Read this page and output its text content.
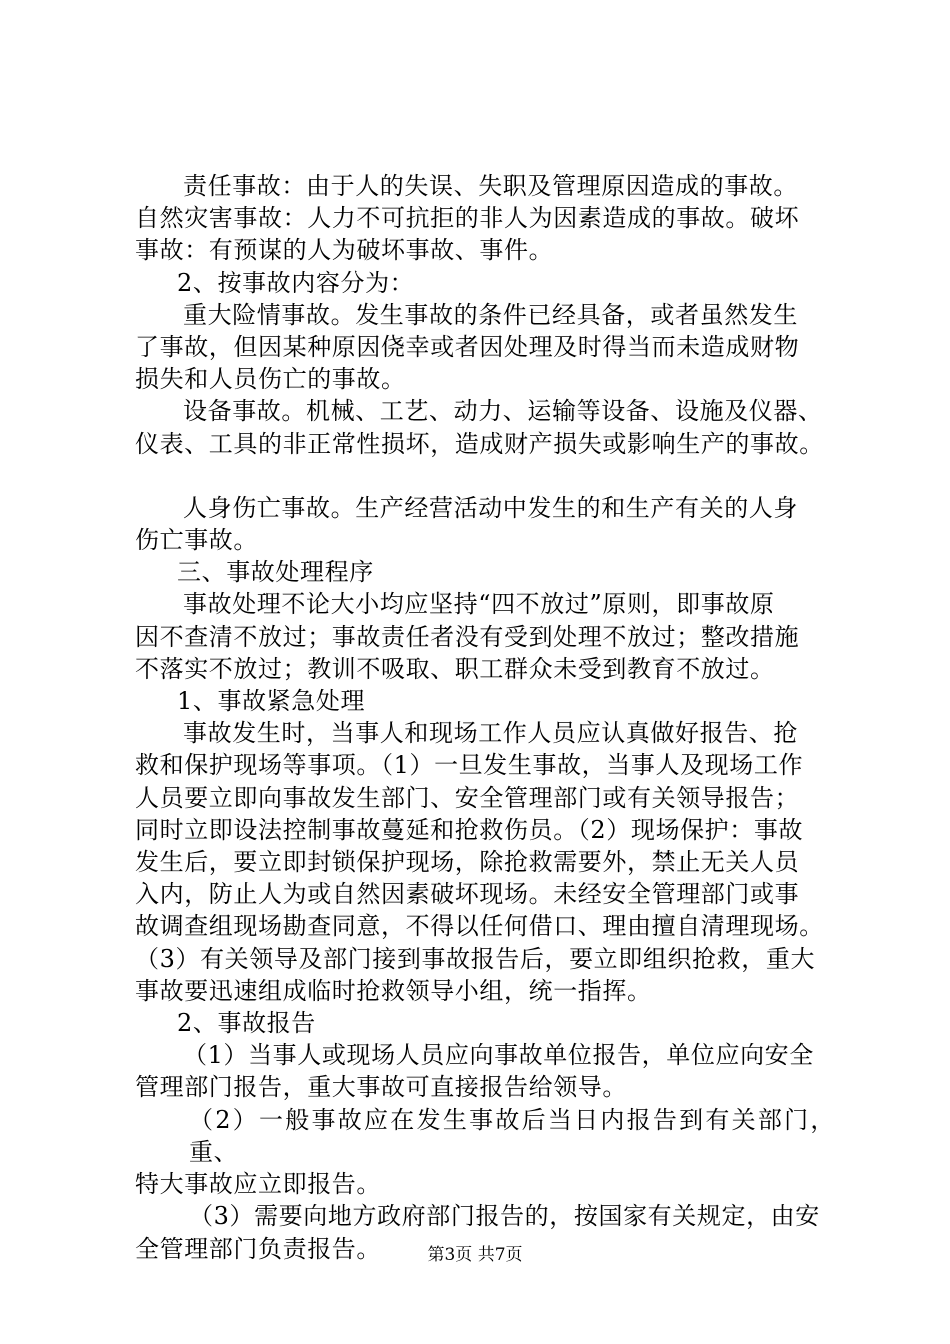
责任事故：由于人的失误、失职及管理原因造成的事故。
自然灾害事故：人力不可抗拒的非人为因素造成的事故。破坏
事故：有预谋的人为破坏事故、事件。
2、按事故内容分为：
重大险情事故。发生事故的条件已经具备，或者虽然发生
了事故，但因某种原因侥幸或者因处理及时得当而未造成财物
损失和人员伤亡的事故。
设备事故。机械、工艺、动力、运输等设备、设施及仪器、
仪表、工具的非正常性损坏，造成财产损失或影响生产的事故。
人身伤亡事故。生产经营活动中发生的和生产有关的人身
伤亡事故。
三、事故处理程序
事故处理不论大小均应坚持“四不放过”原则，即事故原
因不查清不放过；事故责任者没有受到处理不放过；整改措施
不落实不放过；教训不吸取、职工群众未受到教育不放过。
1、事故紧急处理
事故发生时，当事人和现场工作人员应认真做好报告、抢
救和保护现场等事项。（1）一旦发生事故，当事人及现场工作
人员要立即向事故发生部门、安全管理部门或有关领导报告；
同时立即设法控制事故蔓延和抢救伤员。（2）现场保护：事故
发生后，要立即封锁保护现场，除抢救需要外，禁止无关人员
入内，防止人为或自然因素破坏现场。未经安全管理部门或事
故调查组现场勘查同意，不得以任何借口、理由擅自清理现场。
（3）有关领导及部门接到事故报告后，要立即组织抢救，重大
事故要迅速组成临时抢救领导小组，统一指挥。
2、事故报告
（1）当事人或现场人员应向事故单位报告，单位应向安全
管理部门报告，重大事故可直接报告给领导。
（2）一般事故应在发生事故后当日内报告到有关部门，重、
特大事故应立即报告。
（3）需要向地方政府部门报告的，按国家有关规定，由安
全管理部门负责报告。	第3页 共7页
